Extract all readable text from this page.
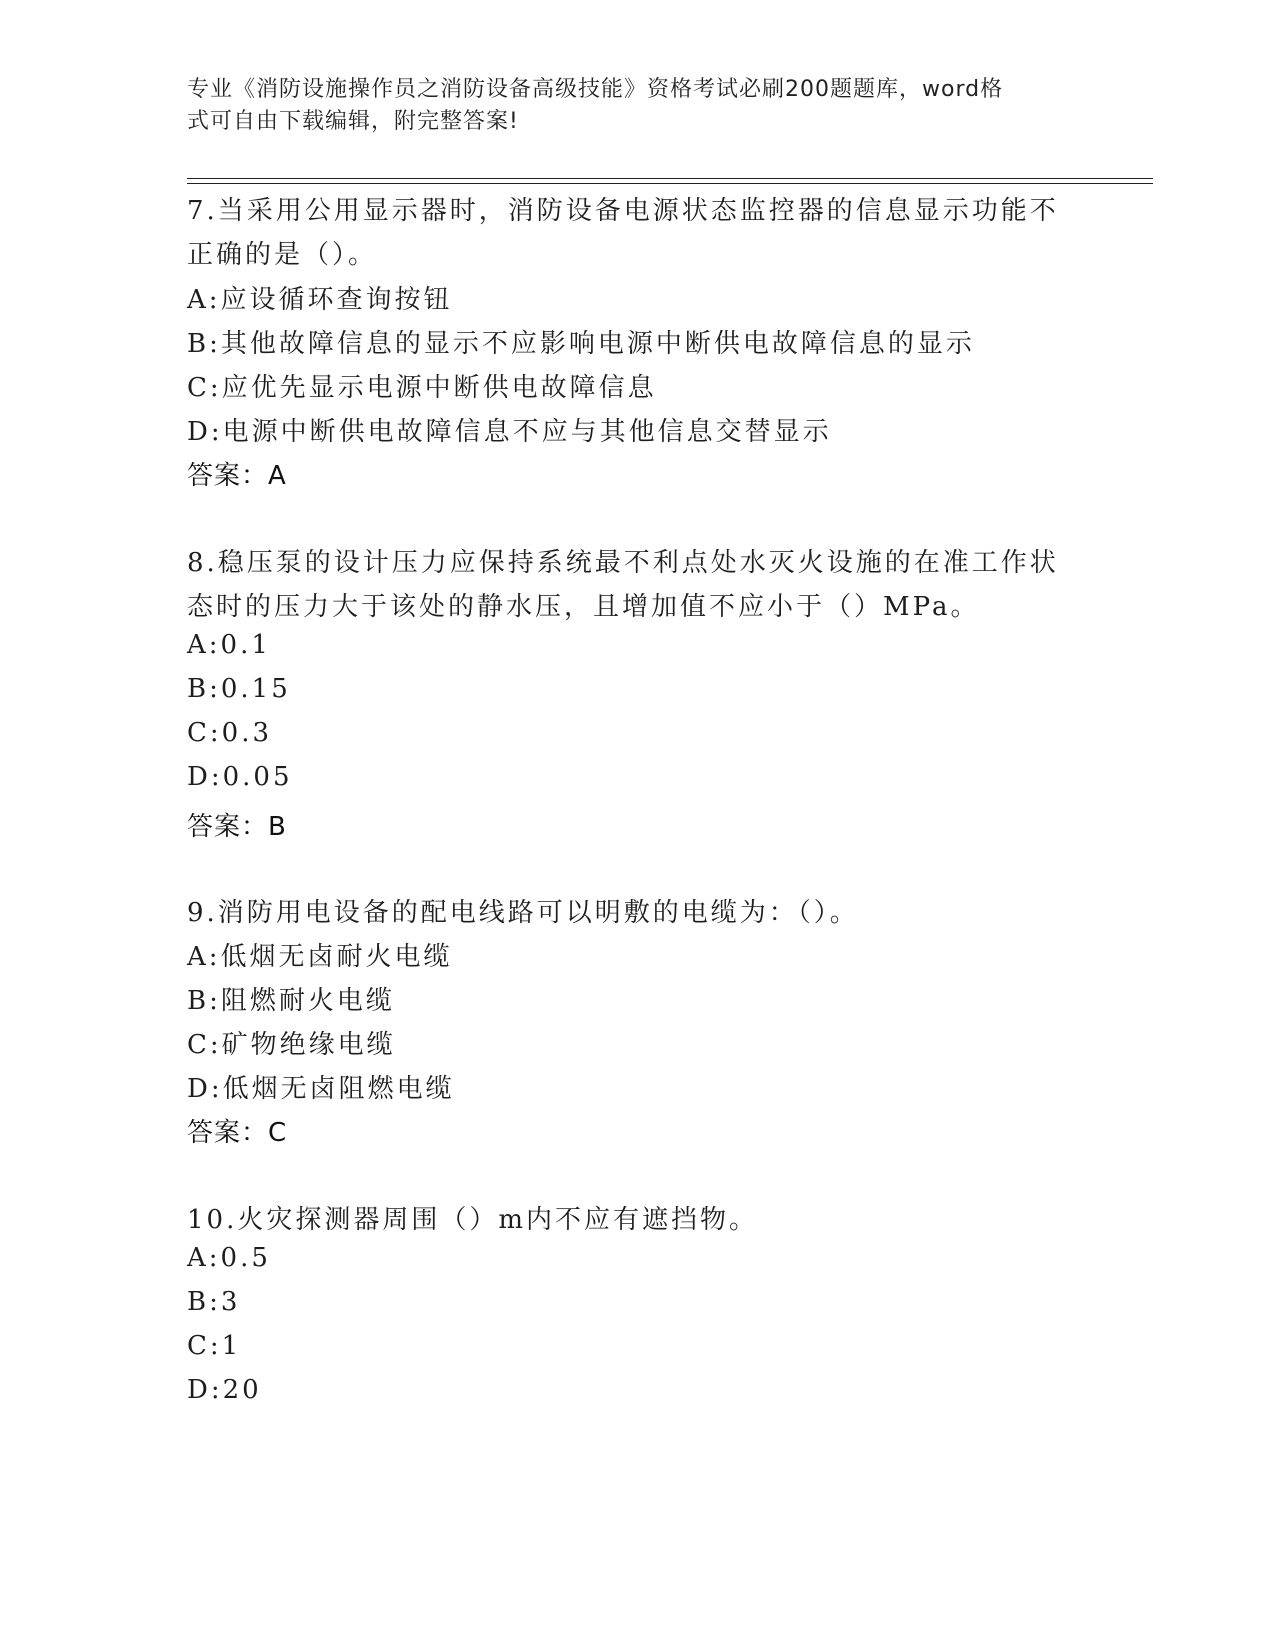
专业《消防设施操作员之消防设备高级技能》资格考试必刷200题题库，word格
式可自由下载编辑，附完整答案!
7.当采用公用显示器时，消防设备电源状态监控器的信息显示功能不
正确的是（）。
A:应设循环查询按钮
B:其他故障信息的显示不应影响电源中断供电故障信息的显示
C:应优先显示电源中断供电故障信息
D:电源中断供电故障信息不应与其他信息交替显示
答案：A
8.稳压泵的设计压力应保持系统最不利点处水灭火设施的在准工作状
态时的压力大于该处的静水压，且增加值不应小于（）MPa。
A:0.1
B:0.15
C:0.3
D:0.05
答案：B
9.消防用电设备的配电线路可以明敷的电缆为：（）。
A:低烟无卤耐火电缆
B:阻燃耐火电缆
C:矿物绝缘电缆
D:低烟无卤阻燃电缆
答案：C
10.火灾探测器周围（）m内不应有遮挡物。
A:0.5
B:3
C:1
D:20
